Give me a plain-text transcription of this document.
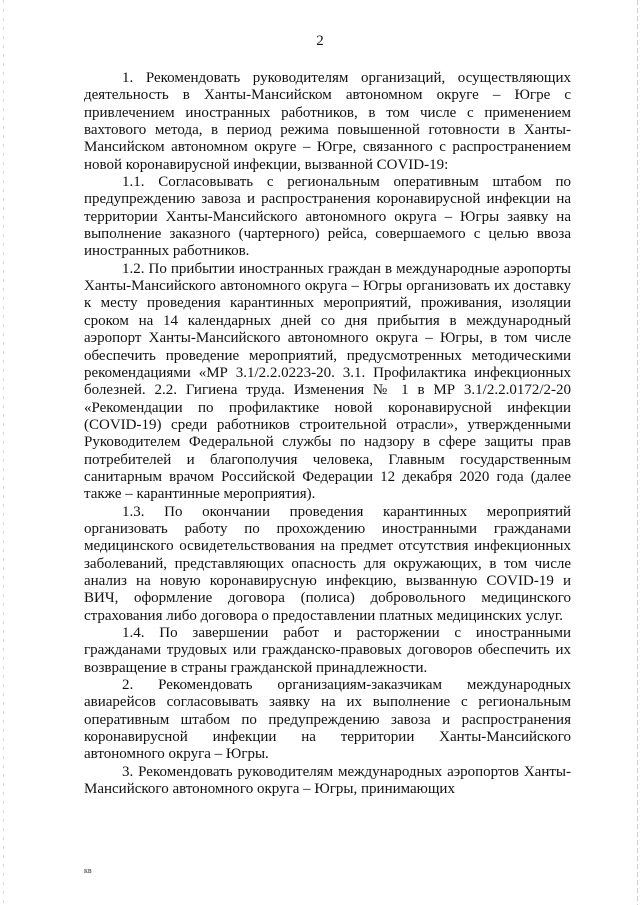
2

1. Рекомендовать руководителям организаций, осуществляющих деятельность в Ханты-Мансийском автономном округе – Югре с привлечением иностранных работников, в том числе с применением вахтового метода, в период режима повышенной готовности в Ханты-Мансийском автономном округе – Югре, связанного с распространением новой коронавирусной инфекции, вызванной COVID-19:

1.1. Согласовывать с региональным оперативным штабом по предупреждению завоза и распространения коронавирусной инфекции на территории Ханты-Мансийского автономного округа – Югры заявку на выполнение заказного (чартерного) рейса, совершаемого с целью ввоза иностранных работников.

1.2. По прибытии иностранных граждан в международные аэропорты Ханты-Мансийского автономного округа – Югры организовать их доставку к месту проведения карантинных мероприятий, проживания, изоляции сроком на 14 календарных дней со дня прибытия в международный аэропорт Ханты-Мансийского автономного округа – Югры, в том числе обеспечить проведение мероприятий, предусмотренных методическими рекомендациями «МР 3.1/2.2.0223-20. 3.1. Профилактика инфекционных болезней. 2.2. Гигиена труда. Изменения № 1 в МР 3.1/2.2.0172/2-20 «Рекомендации по профилактике новой коронавирусной инфекции (COVID-19) среди работников строительной отрасли», утвержденными Руководителем Федеральной службы по надзору в сфере защиты прав потребителей и благополучия человека, Главным государственным санитарным врачом Российской Федерации 12 декабря 2020 года (далее также – карантинные мероприятия).

1.3. По окончании проведения карантинных мероприятий организовать работу по прохождению иностранными гражданами медицинского освидетельствования на предмет отсутствия инфекционных заболеваний, представляющих опасность для окружающих, в том числе анализ на новую коронавирусную инфекцию, вызванную COVID-19 и ВИЧ, оформление договора (полиса) добровольного медицинского страхования либо договора о предоставлении платных медицинских услуг.

1.4. По завершении работ и расторжении с иностранными гражданами трудовых или гражданско-правовых договоров обеспечить их возвращение в страны гражданской принадлежности.

2. Рекомендовать организациям-заказчикам международных авиарейсов согласовывать заявку на их выполнение с региональным оперативным штабом по предупреждению завоза и распространения коронавирусной инфекции на территории Ханты-Мансийского автономного округа – Югры.

3. Рекомендовать руководителям международных аэропортов Ханты-Мансийского автономного округа – Югры, принимающих

кв
